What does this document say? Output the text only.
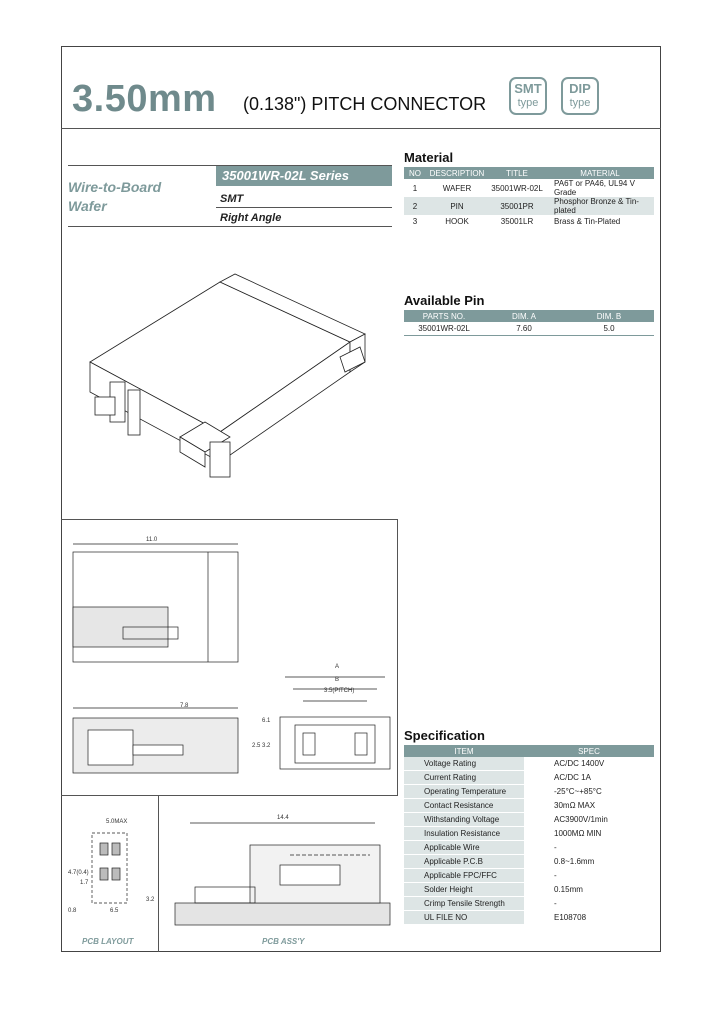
3.50mm (0.138") PITCH CONNECTOR
SMT
type
DIP
type
35001WR-02L Series
Wire-to-Board
Wafer	SMT
Right Angle
11.0
7.8
A
B
3.5(PITCH)
6.1
2.5 3.2
5.0MAX
4.7(0.4)
0.8
1.7
6.5
3.2
PCB LAYOUT
14.4
PCB ASS'Y
Material
NO	DESCRIPTION	TITLE	MATERIAL
1	WAFER	35001WR-02L	PA6T or PA46, UL94 V Grade
2	PIN	35001PR	Phosphor Bronze & Tin-plated
3	HOOK	35001LR	Brass & Tin-Plated
Available Pin
PARTS NO.	DIM. A	DIM. B
35001WR-02L	7.60	5.0
Specification
ITEM	SPEC
Voltage Rating	AC/DC 1400V
Current Rating	AC/DC 1A
Operating Temperature	-25°C~+85°C
Contact Resistance	30mΩ MAX
Withstanding Voltage	AC3900V/1min
Insulation Resistance	1000MΩ MIN
Applicable Wire	-
Applicable P.C.B	0.8~1.6mm
Applicable FPC/FFC	-
Solder Height	0.15mm
Crimp Tensile Strength	-
UL FILE NO	E108708
